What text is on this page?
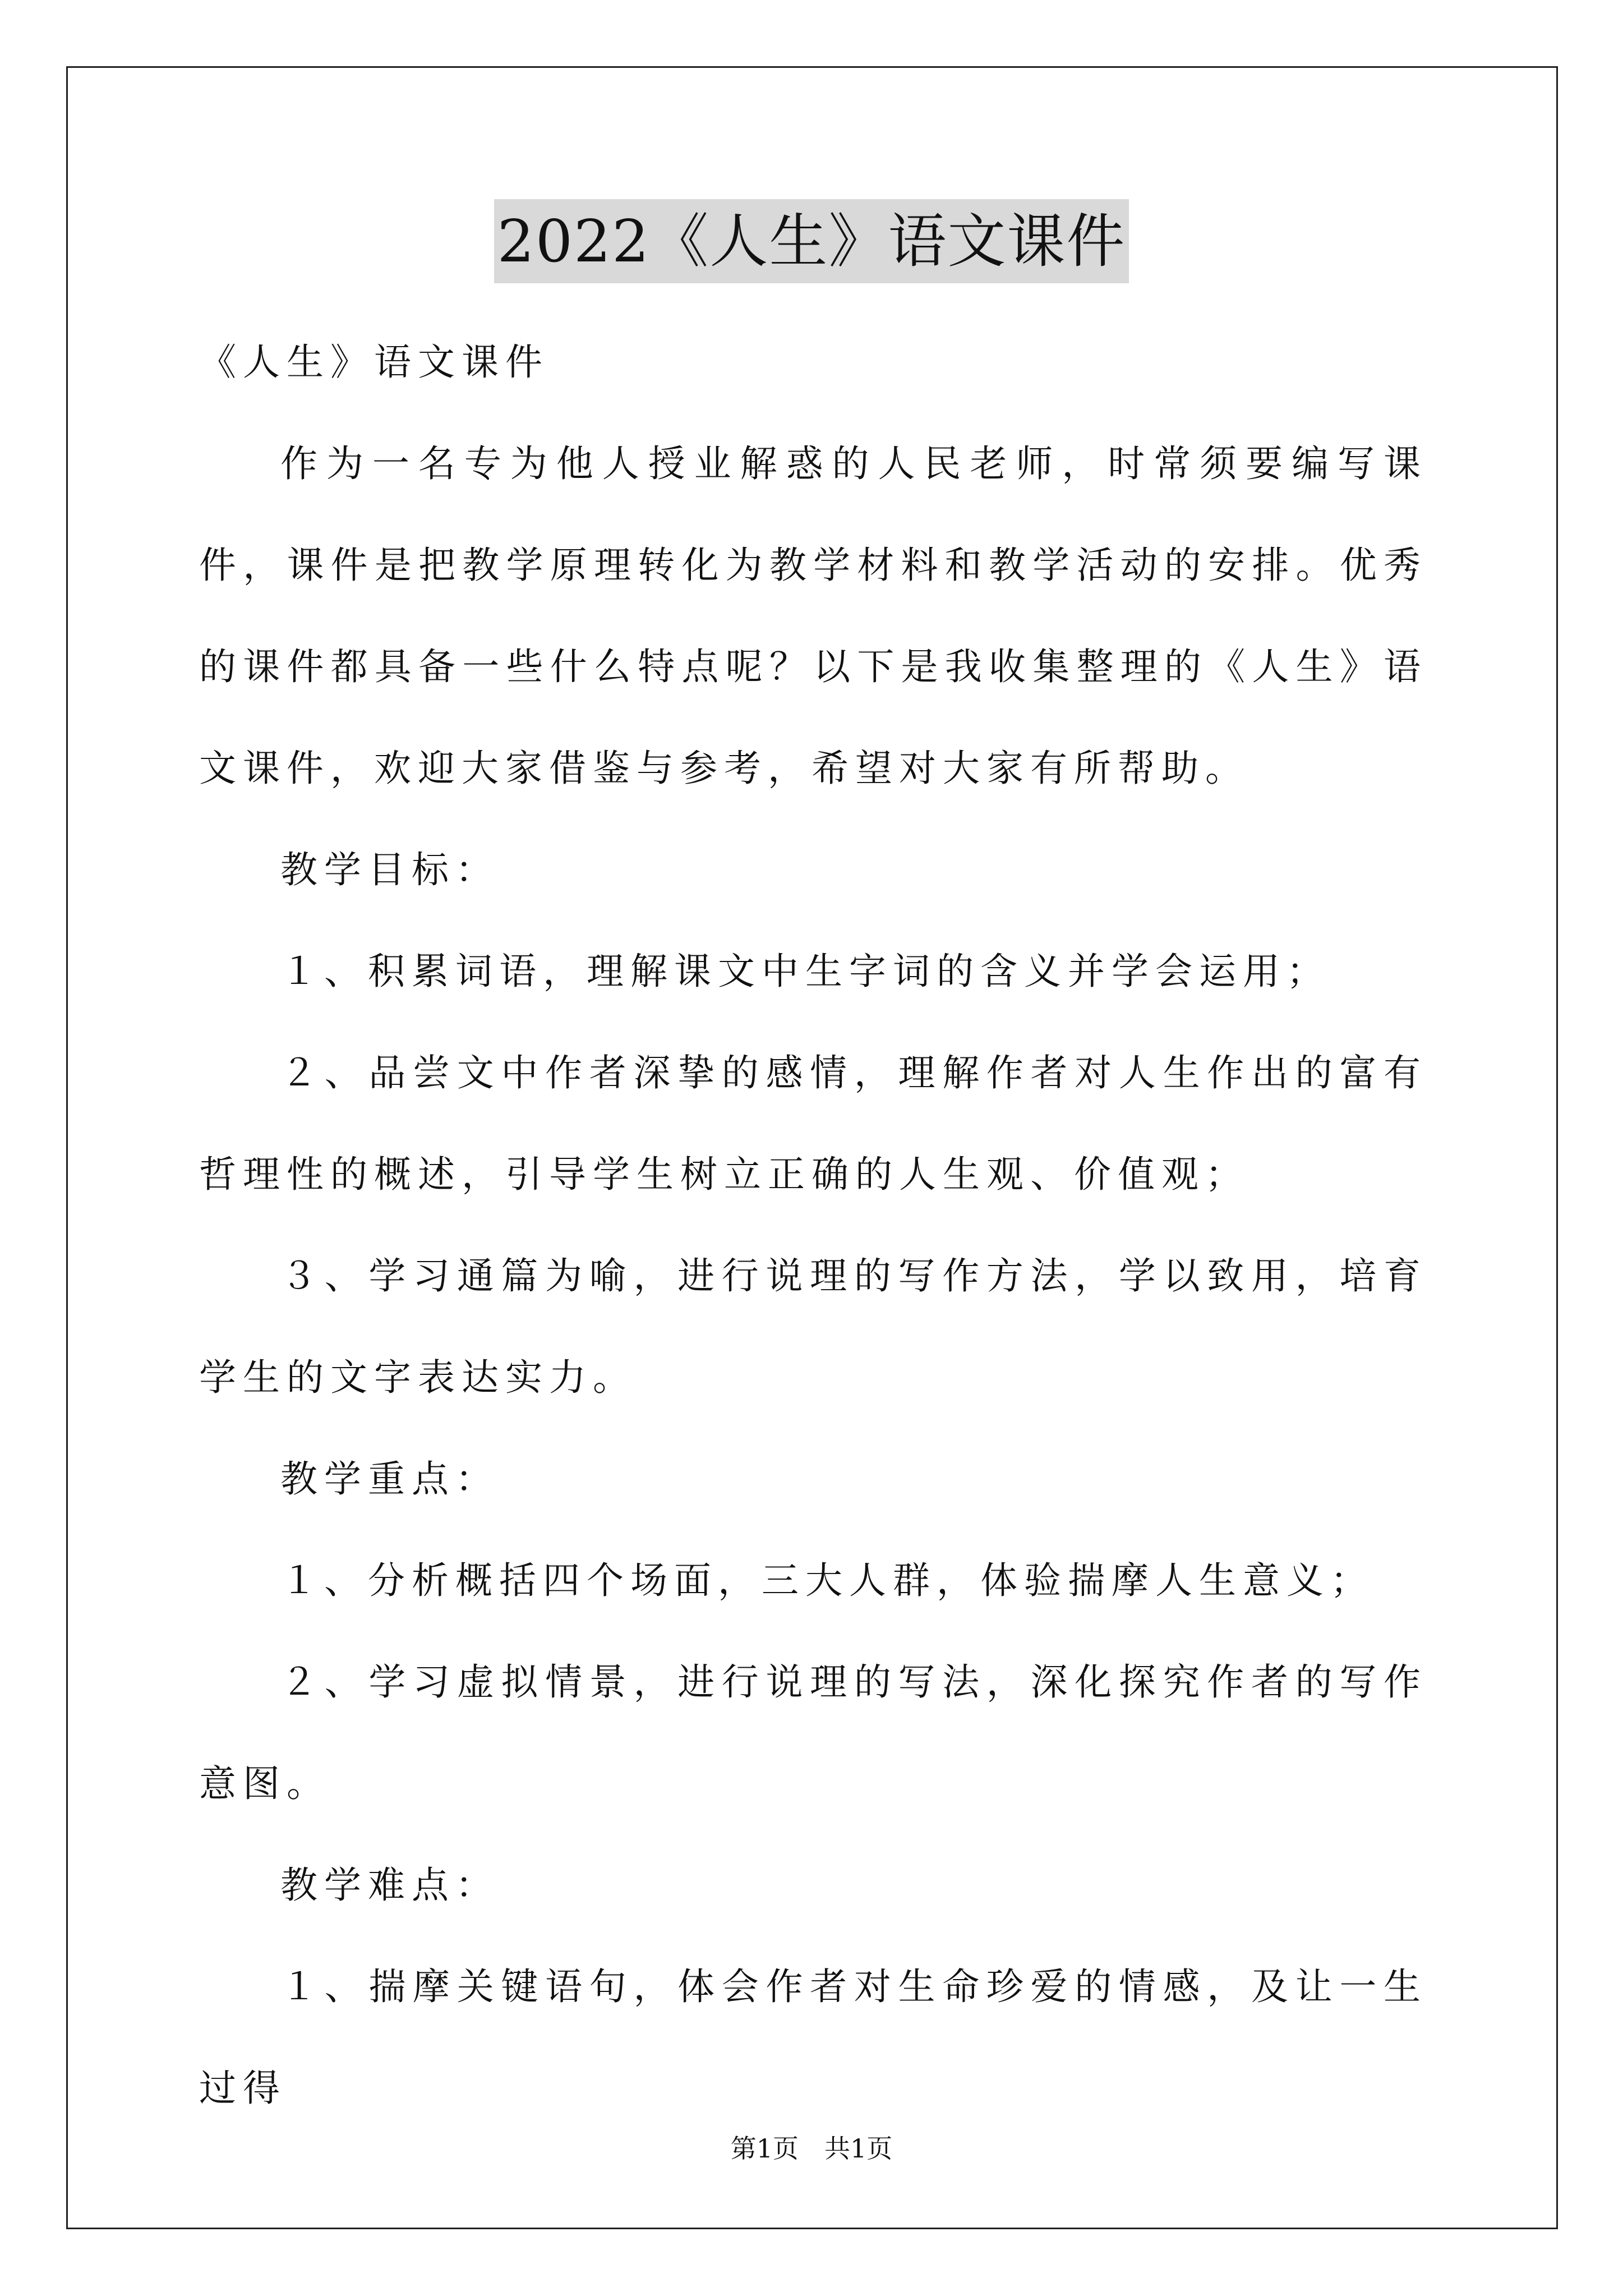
2022《人生》语文课件

《人生》语文课件

作为一名专为他人授业解惑的人民老师，时常须要编写课件，课件是把教学原理转化为教学材料和教学活动的安排。优秀的课件都具备一些什么特点呢？以下是我收集整理的《人生》语文课件，欢迎大家借鉴与参考，希望对大家有所帮助。

教学目标：

１、积累词语，理解课文中生字词的含义并学会运用；

２、品尝文中作者深挚的感情，理解作者对人生作出的富有哲理性的概述，引导学生树立正确的人生观、价值观；

３、学习通篇为喻，进行说理的写作方法，学以致用，培育学生的文字表达实力。

教学重点：

１、分析概括四个场面，三大人群，体验揣摩人生意义；

２、学习虚拟情景，进行说理的写法，深化探究作者的写作意图。

教学难点：

１、揣摩关键语句，体会作者对生命珍爱的情感，及让一生过得

第1页　共1页
